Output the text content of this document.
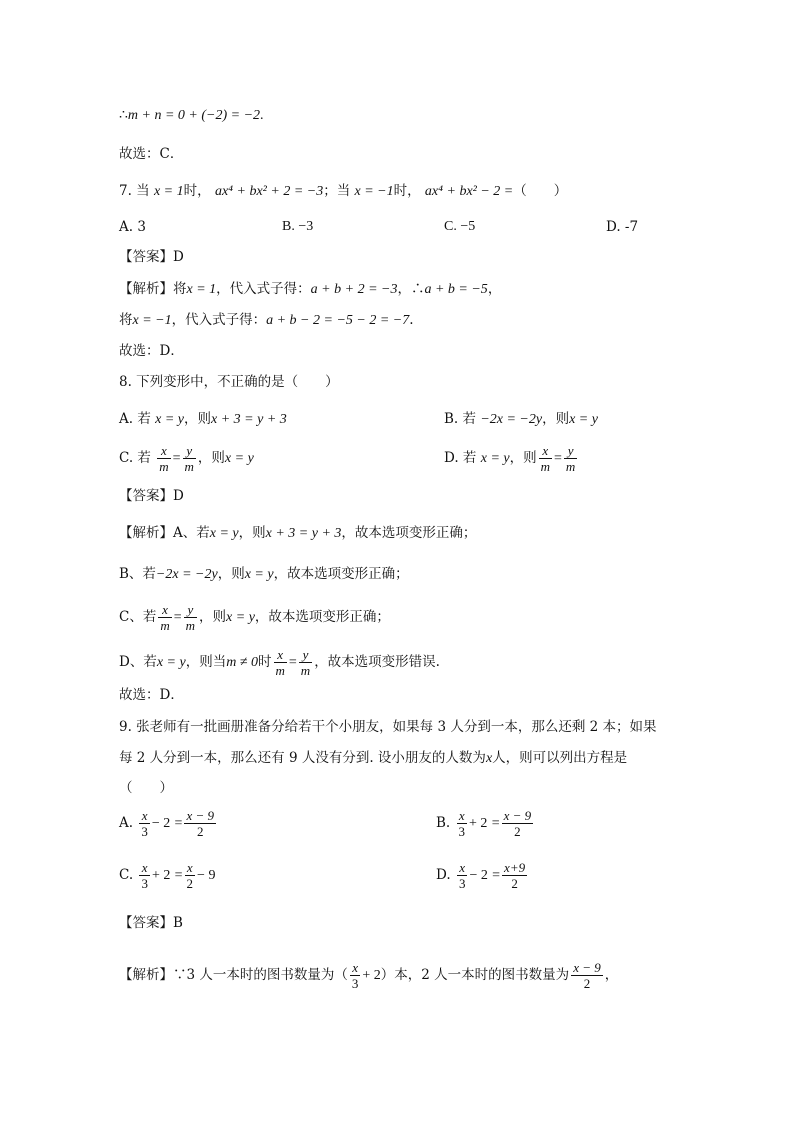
∴m + n = 0 + (−2) = −2.
故选：C．
7. 当 x = 1时， ax⁴ + bx² + 2 = −3；当 x = −1时， ax⁴ + bx² − 2 =（　　）
A. 3	B. −3	C. −5	D. -7
【答案】D
【解析】将x = 1，代入式子得：a + b + 2 = −3，∴a + b = −5，
将x = −1，代入式子得：a + b − 2 = −5 − 2 = −7.
故选：D．
8. 下列变形中，不正确的是（　　）
A. 若 x = y，则x + 3 = y + 3	B. 若 −2x = −2y，则x = y
C. 若 $\frac{x}{m} = \frac{y}{m}$ ，则x = y	D. 若 x = y，则 $\frac{x}{m} = \frac{y}{m}$
【答案】D
【解析】A、若x = y，则x + 3 = y + 3，故本选项变形正确；
B、若−2x = −2y，则x = y，故本选项变形正确；
C、若 $\frac{x}{m} = \frac{y}{m}$ ，则x = y，故本选项变形正确；
D、若x = y，则当m ≠ 0时 $\frac{x}{m} = \frac{y}{m}$ ，故本选项变形错误.
故选：D．
9. 张老师有一批画册准备分给若干个小朋友，如果每 3 人分到一本，那么还剩 2 本；如果
每 2 人分到一本，那么还有 9 人没有分到. 设小朋友的人数为x人，则可以列出方程是
（　　）
A. $\frac{x}{3} - 2 = \frac{x - 9}{2}$	B. $\frac{x}{3} + 2 = \frac{x - 9}{2}$
C. $\frac{x}{3} + 2 = \frac{x}{2} - 9$	D. $\frac{x}{3} - 2 = \frac{x+9}{2}$
【答案】B
【解析】∵3 人一本时的图书数量为（ $\frac{x}{3} + 2$）本，2 人一本时的图书数量为 $\frac{x - 9}{2}$ ，
